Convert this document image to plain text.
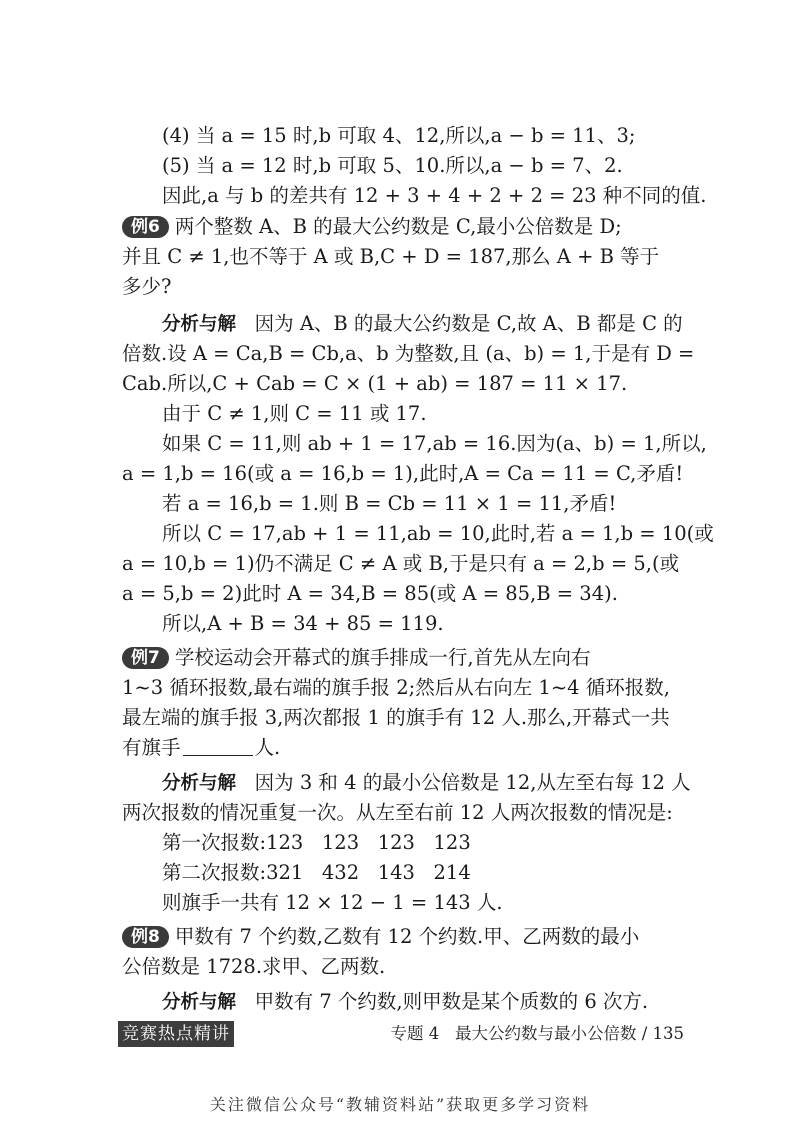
(4) 当 a = 15 时,b 可取 4、12,所以,a − b = 11、3;
(5) 当 a = 12 时,b 可取 5、10.所以,a − b = 7、2.
因此,a 与 b 的差共有 12 + 3 + 4 + 2 + 2 = 23 种不同的值.
例6 两个整数 A、B 的最大公约数是 C,最小公倍数是 D;
并且 C ≠ 1,也不等于 A 或 B,C + D = 187,那么 A + B 等于
多少?
分析与解 因为 A、B 的最大公约数是 C,故 A、B 都是 C 的
倍数.设 A = Ca,B = Cb,a、b 为整数,且 (a、b) = 1,于是有 D =
Cab.所以,C + Cab = C × (1 + ab) = 187 = 11 × 17.
由于 C ≠ 1,则 C = 11 或 17.
如果 C = 11,则 ab + 1 = 17,ab = 16.因为(a、b) = 1,所以,
a = 1,b = 16(或 a = 16,b = 1),此时,A = Ca = 11 = C,矛盾!
若 a = 16,b = 1.则 B = Cb = 11 × 1 = 11,矛盾!
所以 C = 17,ab + 1 = 11,ab = 10,此时,若 a = 1,b = 10(或
a = 10,b = 1)仍不满足 C ≠ A 或 B,于是只有 a = 2,b = 5,(或
a = 5,b = 2)此时 A = 34,B = 85(或 A = 85,B = 34).
所以,A + B = 34 + 85 = 119.
例7 学校运动会开幕式的旗手排成一行,首先从左向右
1~3 循环报数,最右端的旗手报 2;然后从右向左 1~4 循环报数,
最左端的旗手报 3,两次都报 1 的旗手有 12 人.那么,开幕式一共
有旗手	人.
分析与解 因为 3 和 4 的最小公倍数是 12,从左至右每 12 人
两次报数的情况重复一次。从左至右前 12 人两次报数的情况是:
第一次报数:123   123   123   123
第二次报数:321   432   143   214
则旗手一共有 12 × 12 − 1 = 143 人.
例8 甲数有 7 个约数,乙数有 12 个约数.甲、乙两数的最小
公倍数是 1728.求甲、乙两数.
分析与解 甲数有 7 个约数,则甲数是某个质数的 6 次方.
竞赛热点精讲	专题 4   最大公约数与最小公倍数 / 135
关注微信公众号“教辅资料站”获取更多学习资料
